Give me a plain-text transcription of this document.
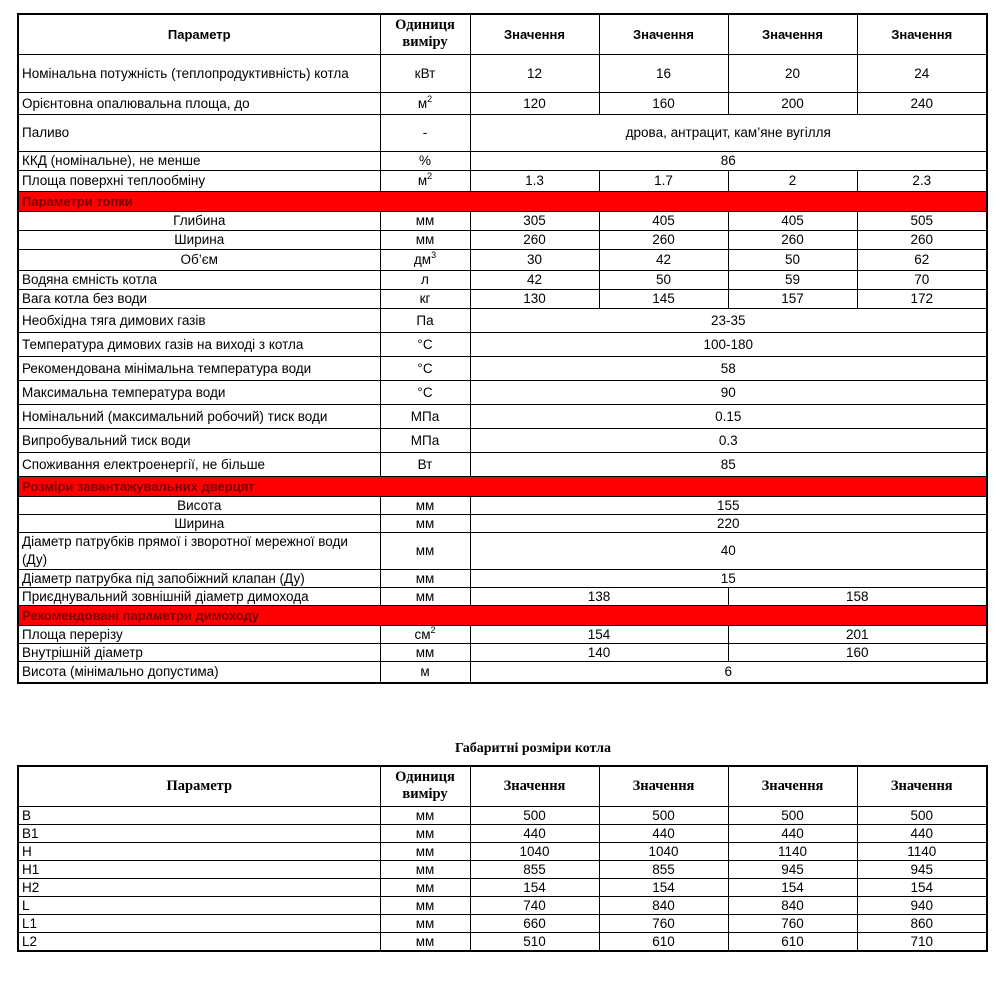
Параметр	Одиниця виміру	Значення	Значення	Значення	Значення
Номінальна потужність (теплопродуктивність) котла	кВт	12	16	20	24
Орієнтовна опалювальна площа, до	$м^2$	120	160	200	240
Паливо	-	дрова, антрацит, кам’яне вугілля			
ККД (номінальне), не менше	%	86			
Площа поверхні теплообміну	$м^2$	1.3	1.7	2	2.3
Параметри топки					
Глибина	мм	305	405	405	505
Ширина	мм	260	260	260	260
Об’єм	$дм^3$	30	42	50	62
Водяна ємність котла	л	42	50	59	70
Вага котла без води	кг	130	145	157	172
Необхідна тяга димових газів	Па	23-35			
Температура димових газів на виході з котла	°С	100-180			
Рекомендована мінімальна температура води	°С	58			
Максимальна температура води	°С	90			
Номінальний (максимальний робочий) тиск води	МПа	0.15			
Випробувальний тиск води	МПа	0.3			
Споживання електроенергії, не більше	Вт	85			
Розміри завантажувальних дверцят					
Висота	мм	155			
Ширина	мм	220			
Діаметр патрубків прямої і зворотної мережної води
(Ду)	мм	40			
Діаметр патрубка під запобіжний клапан (Ду)	мм	15			
Приєднувальний зовнішній діаметр димохода	мм	138		158	
Рекомендовані параметри димоходу					
Площа перерізу	$см^2$	154		201	
Внутрішній діаметр	мм	140		160	
Висота (мінімально допустима)	м	6			
Габаритні розміри котла
Параметр	Одиниця виміру	Значення	Значення	Значення	Значення
B	мм	500	500	500	500
B1	мм	440	440	440	440
H	мм	1040	1040	1140	1140
H1	мм	855	855	945	945
H2	мм	154	154	154	154
L	мм	740	840	840	940
L1	мм	660	760	760	860
L2	мм	510	610	610	710
